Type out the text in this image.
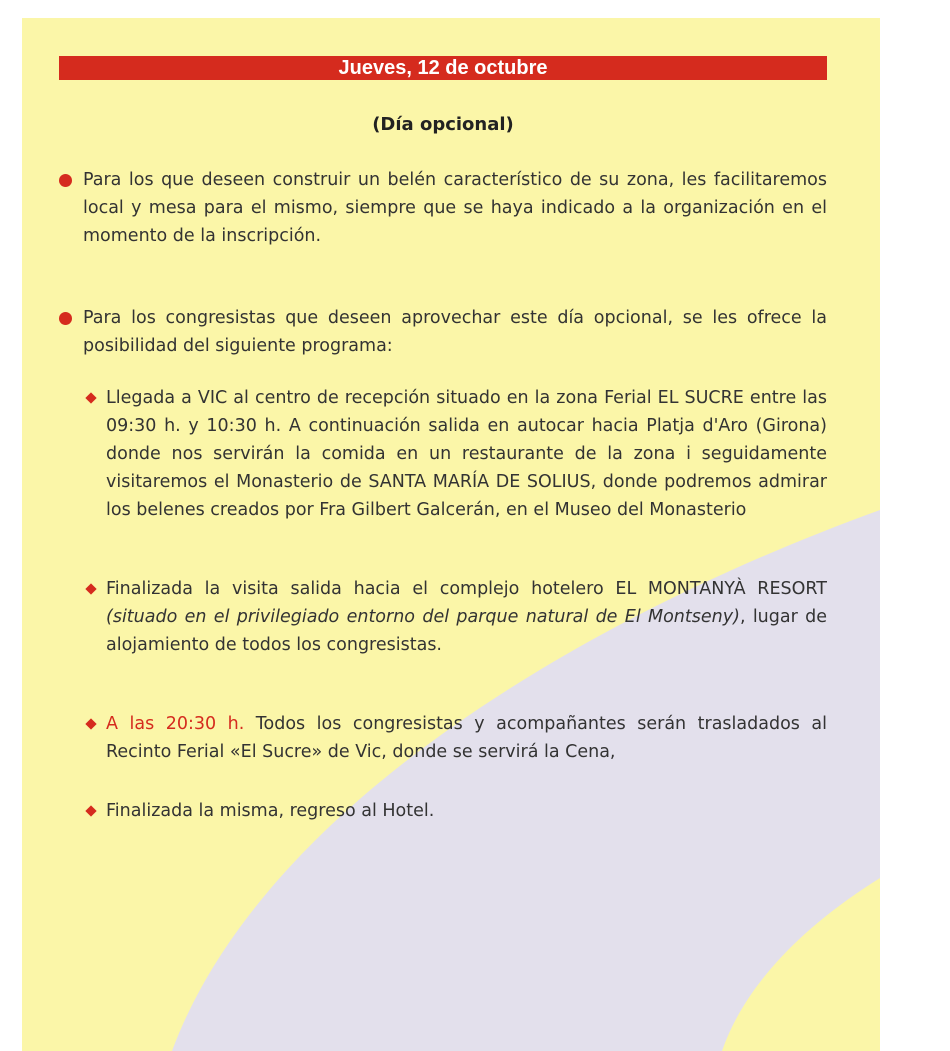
Jueves, 12 de octubre
(Día opcional)
Para los que deseen construir un belén característico de su zona, les facilitaremos local y mesa para el mismo, siempre que se haya indicado a la organización en el momento de la inscripción.
Para los congresistas que deseen aprovechar este día opcional, se les ofrece la posibilidad del siguiente programa:
Llegada a VIC al centro de recepción situado en la zona Ferial EL SUCRE entre las 09:30 h. y 10:30 h. A continuación salida en autocar hacia Platja d'Aro (Girona) donde nos servirán la comida en un restaurante de la zona i seguidamente visitaremos el Monasterio de SANTA MARÍA DE SOLIUS, donde podremos admirar los belenes creados por Fra Gilbert Galcerán, en el Museo del Monasterio
Finalizada la visita salida hacia el complejo hotelero EL MONTANYÀ RESORT (situado en el privilegiado entorno del parque natural de El Montseny), lugar de alojamiento de todos los congresistas.
A las 20:30 h. Todos los congresistas y acompañantes serán trasladados al Recinto Ferial «El Sucre» de Vic, donde se servirá la Cena,
Finalizada la misma, regreso al Hotel.
